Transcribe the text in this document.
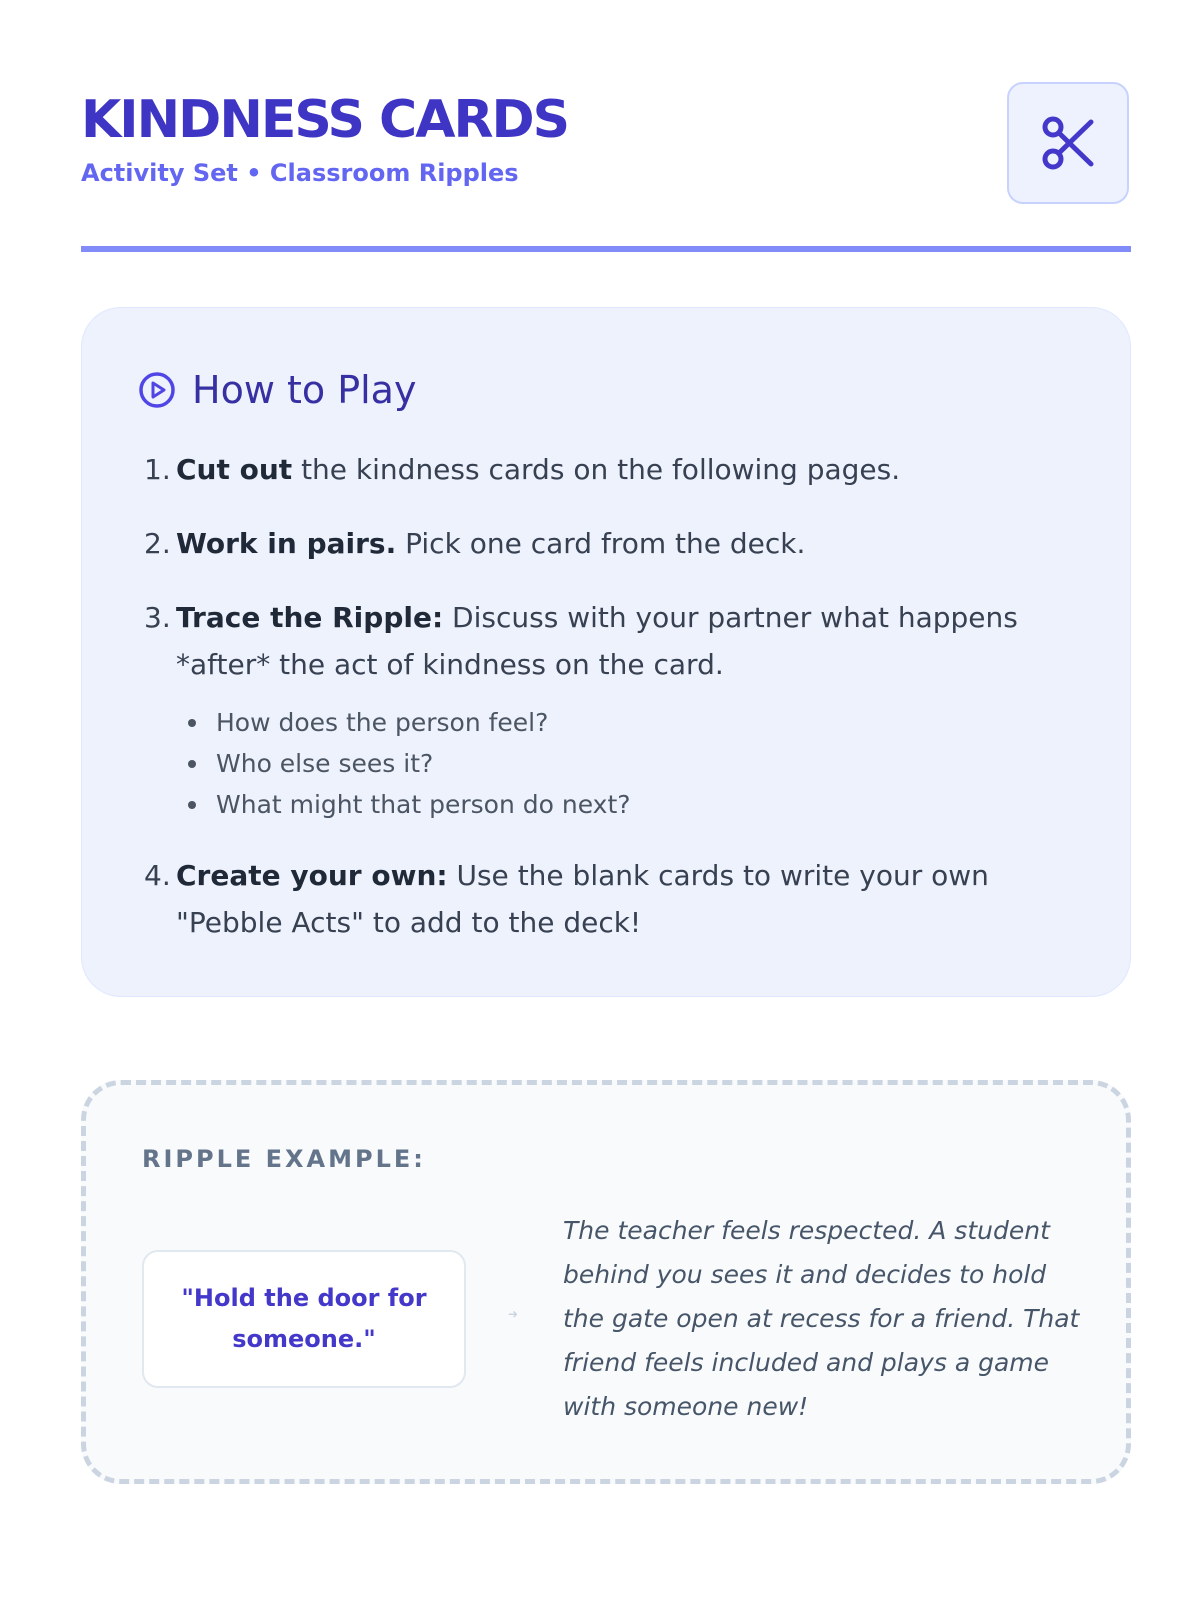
KINDNESS CARDS
Activity Set • Classroom Ripples
How to Play
1. Cut out the kindness cards on the following pages.
2. Work in pairs. Pick one card from the deck.
3. Trace the Ripple: Discuss with your partner what happens *after* the act of kindness on the card.
How does the person feel?
Who else sees it?
What might that person do next?
4. Create your own: Use the blank cards to write your own "Pebble Acts" to add to the deck!
RIPPLE EXAMPLE:
"Hold the door for someone."
➜
The teacher feels respected. A student behind you sees it and decides to hold the gate open at recess for a friend. That friend feels included and plays a game with someone new!
